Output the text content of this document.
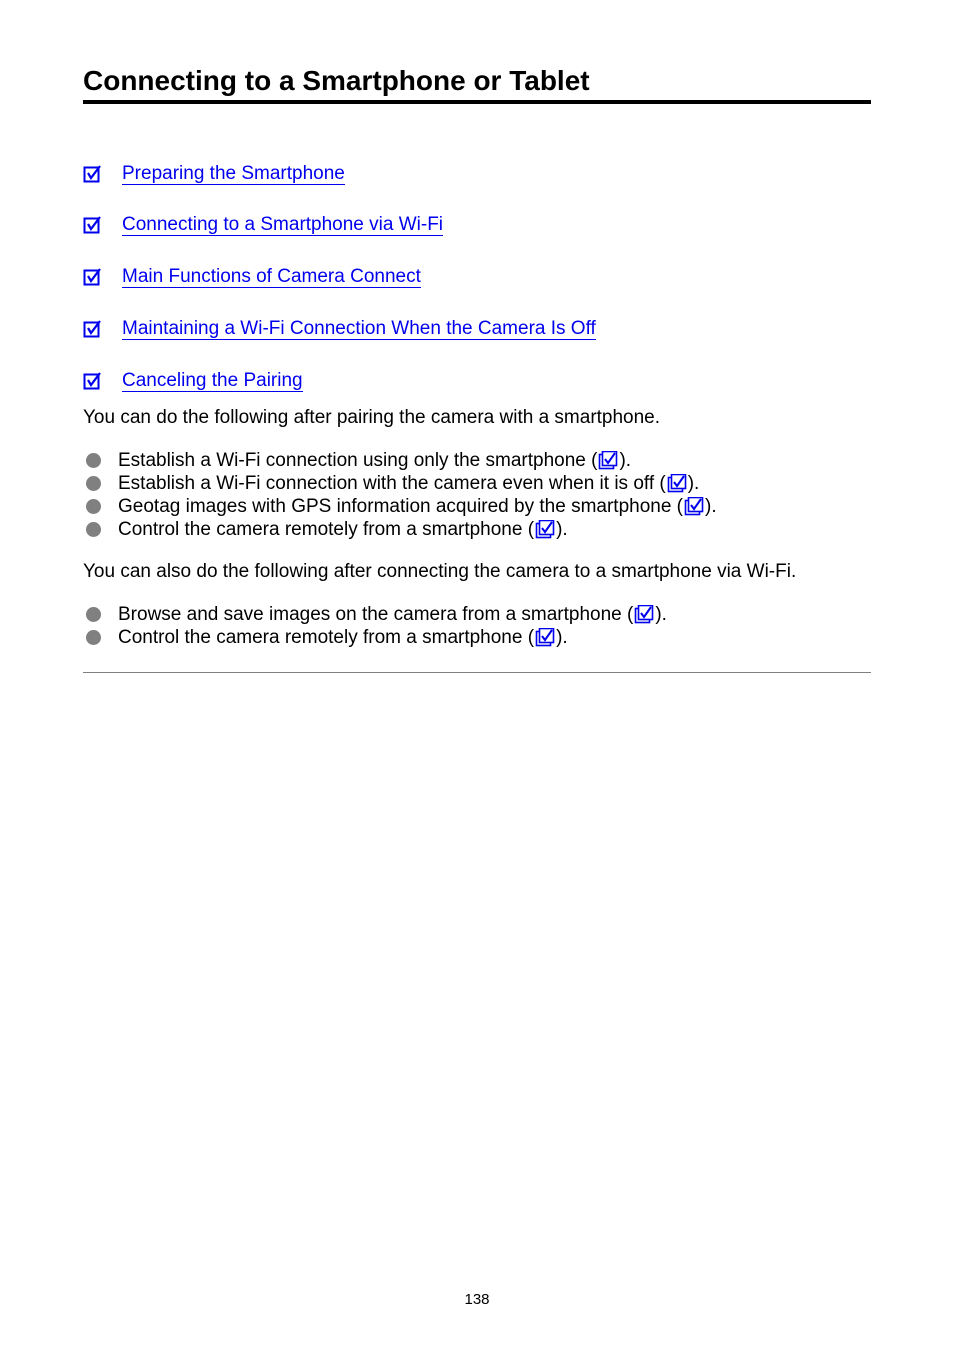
Connecting to a Smartphone or Tablet
Preparing the Smartphone
Connecting to a Smartphone via Wi-Fi
Main Functions of Camera Connect
Maintaining a Wi-Fi Connection When the Camera Is Off
Canceling the Pairing

You can do the following after pairing the camera with a smartphone.

Establish a Wi-Fi connection using only the smartphone ( ).
Establish a Wi-Fi connection with the camera even when it is off ( ).
Geotag images with GPS information acquired by the smartphone ( ).
Control the camera remotely from a smartphone ( ).

You can also do the following after connecting the camera to a smartphone via Wi-Fi.

Browse and save images on the camera from a smartphone ( ).
Control the camera remotely from a smartphone ( ).
138
